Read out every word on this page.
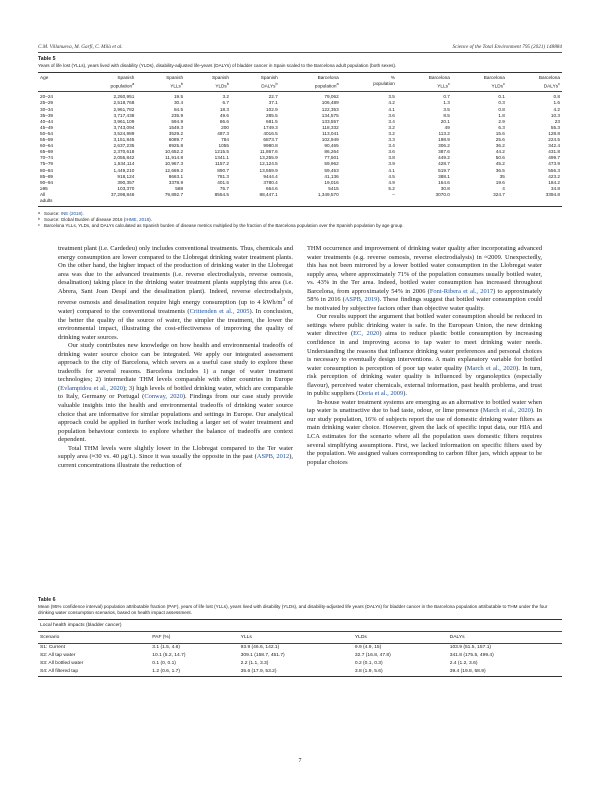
C.M. Villanueva, M. Garfí, C. Milà et al.	Science of the Total Environment 795 (2021) 148884
Table 5
Years of life lost (YLLs), years lived with disability (YLDs), disability-adjusted life-years (DALYs) of bladder cancer in Spain scaled to the Barcelona adult population (both sexes).
Age	Spanish	Spanish	Spanish	Spanish	Barcelona	%	Barcelona	Barcelona	Barcelona
	population$^a$	YLLs$^b$	YLDs$^b$	DALYs$^b$	population$^a$	population	YLLs$^c$	YLDs$^c$	DALYs$^c$
20–24	2,260,951	19.5	3.2	22.7	79,062	3.5	0.7	0.1	0.8
25–29	2,518,768	30.4	6.7	37.1	106,489	4.2	1.3	0.3	1.6
30–34	2,961,782	84.5	18.3	102.9	122,353	4.1	3.5	0.8	4.2
35–39	3,717,438	235.9	49.6	285.5	134,575	3.6	8.5	1.8	10.3
40–44	3,961,109	594.9	86.6	681.5	133,557	3.4	20.1	2.9	23
45–49	3,743,094	1549.3	200	1749.3	118,332	3.2	49	6.3	55.3
50–54	3,524,989	3529.2	487.3	4016.5	113,041	3.2	113.2	15.6	128.8
55–59	3,151,845	6089.7	784	6873.7	102,949	3.3	198.9	25.6	224.5
60–64	2,637,235	8925.8	1055	9980.8	90,465	3.4	306.2	36.2	342.4
65–69	2,370,618	10,652.2	1215.5	11,867.6	86,264	3.6	387.6	44.2	431.8
70–74	2,055,842	11,914.8	1341.1	13,255.9	77,501	3.8	449.2	50.6	499.7
75–79	1,534,114	10,967.3	1157.2	12,124.5	59,962	3.9	428.7	45.2	473.9
80–84	1,449,210	12,669.2	890.7	13,559.9	59,453	4.1	519.7	36.5	556.3
85–89	918,124	8663.1	781.3	9444.4	41,136	4.5	388.1	35	423.2
90–94	390,357	3378.9	401.5	3780.4	19,016	4.9	164.6	19.6	184.2
≥95	103,370	588	76.7	664.6	5415	5.2	30.8	4	34.8
All	37,298,846	79,892.7	8554.5	88,447.1	1,349,570	–	3070.0	324.7	3394.8
adults									

a Source: INE (2018).

b Source: Global Burden of disease 2016 (IHME, 2018).

c Barcelona YLLs, YLDs, and DALYs calculated as Spanish burden of disease metrics multiplied by the fraction of the Barcelona population over the Spanish population by age group.

treatment plant (i.e. Cardedeu) only includes conventional treatments. Thus, chemicals and energy consumption are lower compared to the Llobregat drinking water treatment plants. On the other hand, the higher impact of the production of drinking water in the Llobregat area was due to the advanced treatments (i.e. reverse electrodialysis, reverse osmosis, desalination) taking place in the drinking water treatment plants supplying this area (i.e. Abrera, Sant Joan Despí and the desalination plant). Indeed, reverse electrodialysis, reverse osmosis and desalination require high energy consumption (up to 4 kWh/$m^3$ of water) compared to the conventional treatments (Crittenden et al., 2005). In conclusion, the better the quality of the source of water, the simpler the treatment, the lower the environmental impact, illustrating the cost-effectiveness of improving the quality of drinking water sources.

Our study contributes new knowledge on how health and environmental tradeoffs of drinking water source choice can be integrated. We apply our integrated assessment approach to the city of Barcelona, which severs as a useful case study to explore these tradeoffs for several reasons. Barcelona includes 1) a range of water treatment technologies; 2) intermediate THM levels comparable with other countries in Europe (Evlampidou et al., 2020); 3) high levels of bottled drinking water, which are comparable to Italy, Germany or Portugal (Conway, 2020). Findings from our case study provide valuable insights into the health and environmental tradeoffs of drinking water source choice that are informative for similar populations and settings in Europe. Our analytical approach could be applied in further work including a larger set of water treatment and population behaviour contexts to explore whether the balance of tradeoffs are context dependent.

Total THM levels were slightly lower in the Llobregat compared to the Ter water supply area (≈30 vs. 40 μg/L). Since it was usually the opposite in the past (ASPB, 2012), current concentrations illustrate the reduction of

THM occurrence and improvement of drinking water quality after incorporating advanced water treatments (e.g. reverse osmosis, reverse electrodialysis) in ≈2009. Unexpectedly, this has not been mirrored by a lower bottled water consumption in the Llobregat water supply area, where approximately 71% of the population consumes usually bottled water, vs. 43% in the Ter area. Indeed, bottled water consumption has increased throughout Barcelona, from approximately 54% in 2006 (Font-Ribera et al., 2017) to approximately 58% in 2016 (ASPB, 2019). These findings suggest that bottled water consumption could be motivated by subjective factors other than objective water quality.

Our results support the argument that bottled water consumption should be reduced in settings where public drinking water is safe. In the European Union, the new drinking water directive (EC, 2020) aims to reduce plastic bottle consumption by increasing confidence in and improving access to tap water to meet drinking water needs. Understanding the reasons that influence drinking water preferences and personal choices is necessary to eventually design interventions. A main explanatory variable for bottled water consumption is perception of poor tap water quality (March et al., 2020). In turn, risk perception of drinking water quality is influenced by organoleptics (especially flavour), perceived water chemicals, external information, past health problems, and trust in public suppliers (Doria et al., 2009).

In-house water treatment systems are emerging as an alternative to bottled water when tap water is unattractive due to bad taste, odour, or lime presence (March et al., 2020). In our study population, 16% of subjects report the use of domestic drinking water filters as main drinking water choice. However, given the lack of specific input data, our HIA and LCA estimates for the scenario where all the population uses domestic filters requires several simplifying assumptions. First, we lacked information on specific filters used by the population. We assigned values corresponding to carbon filter jars, which appear to be popular choices

Table 6
Mean (95% confidence interval) population attributable fraction (PAF), years of life lost (YLLs), years lived with disability (YLDs), and disability-adjusted life years (DALYs) for bladder cancer in the Barcelona population attributable to THM under the four drinking water consumption scenarios, based on health impact assessment.
Local health impacts (bladder cancer)				
Scenario	PAF (%)	YLLs	YLDs	DALYs
S1: Current	3.1 (1.5, 4.6)	93.9 (46.6, 142.1)	9.9 (4.9, 15)	103.9 (51.5, 157.1)
S2: All tap water	10.1 (5.2, 14.7)	309.1 (158.7, 451.7)	32.7 (16.8, 47.8)	341.8 (175.5, 499.4)
S3: All bottled water	0.1 (0, 0.1)	2.2 (1.1, 3.3)	0.2 (0.1, 0.3)	2.4 (1.2, 3.6)
S4: All filtered tap	1.2 (0.6, 1.7)	35.6 (17.9, 53.2)	3.8 (1.9, 5.6)	39.4 (19.8, 58.9)
7
